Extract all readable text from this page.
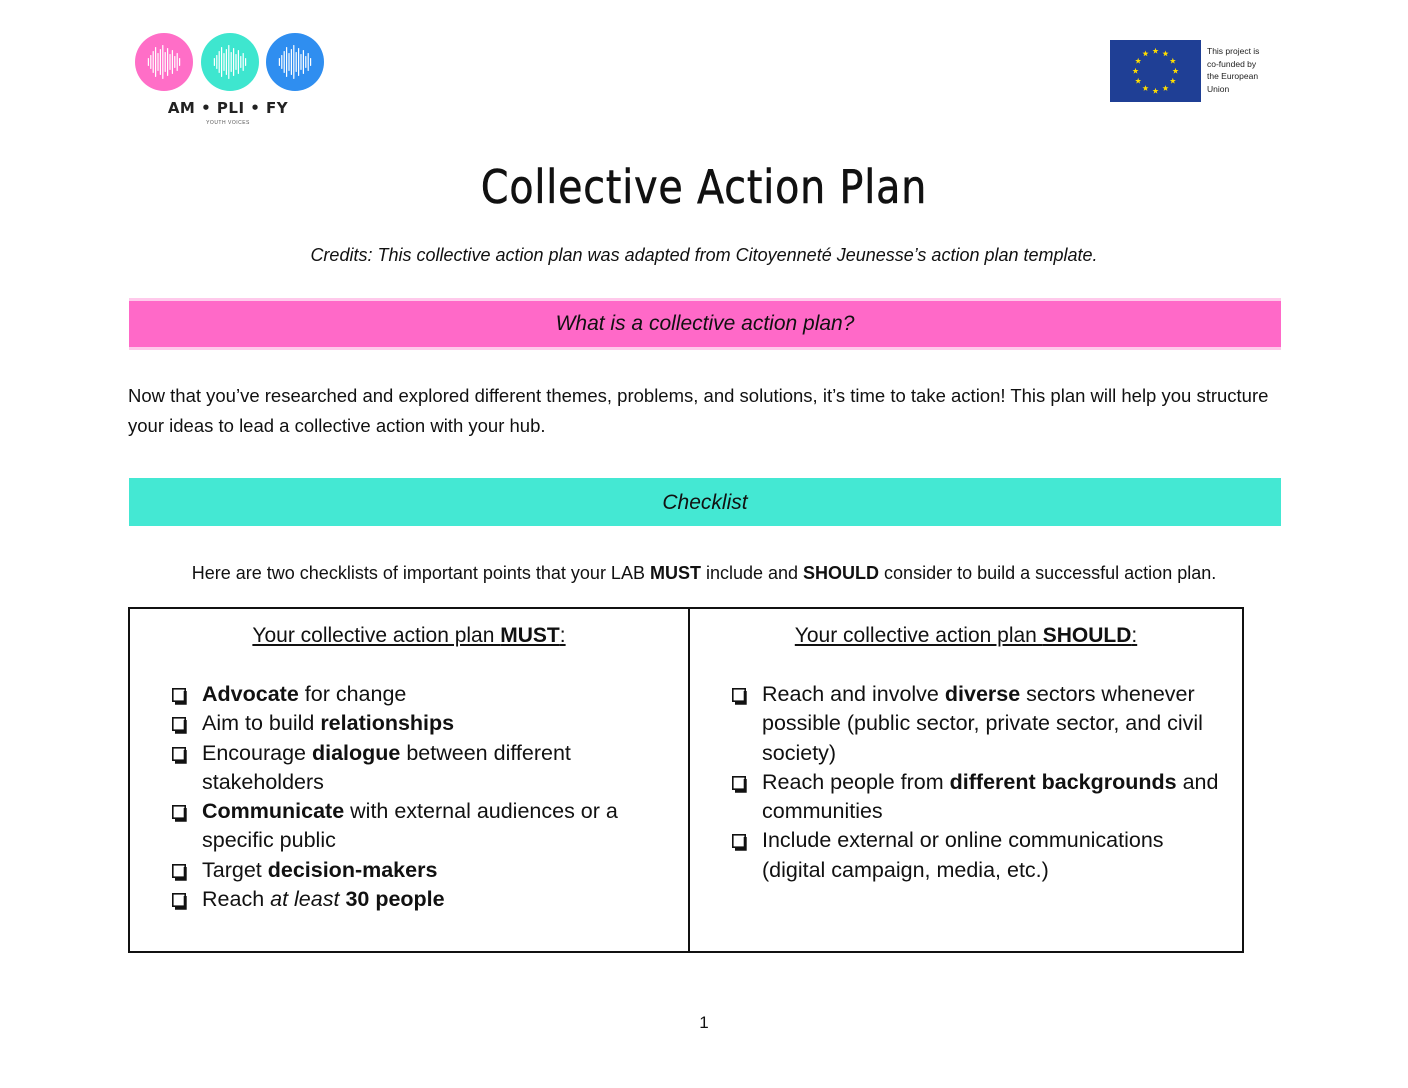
AM • PLI • FY
YOUTH VOICES
This project is
co-funded by
the European
Union
Collective Action Plan
Credits: This collective action plan was adapted from Citoyenneté Jeunesse’s action plan template.
What is a collective action plan?
Now that you’ve researched and explored different themes, problems, and solutions, it’s time to take action! This plan will help you structure your ideas to lead a collective action with your hub.
Checklist
Here are two checklists of important points that your LAB MUST include and SHOULD consider to build a successful action plan.
Your collective action plan MUST:
Advocate for change
Aim to build relationships
Encourage dialogue between different stakeholders
Communicate with external audiences or a specific public
Target decision-makers
Reach at least 30 people
Your collective action plan SHOULD:
Reach and involve diverse sectors whenever possible (public sector, private sector, and civil society)
Reach people from different backgrounds and communities
Include external or online communications (digital campaign, media, etc.)
1
